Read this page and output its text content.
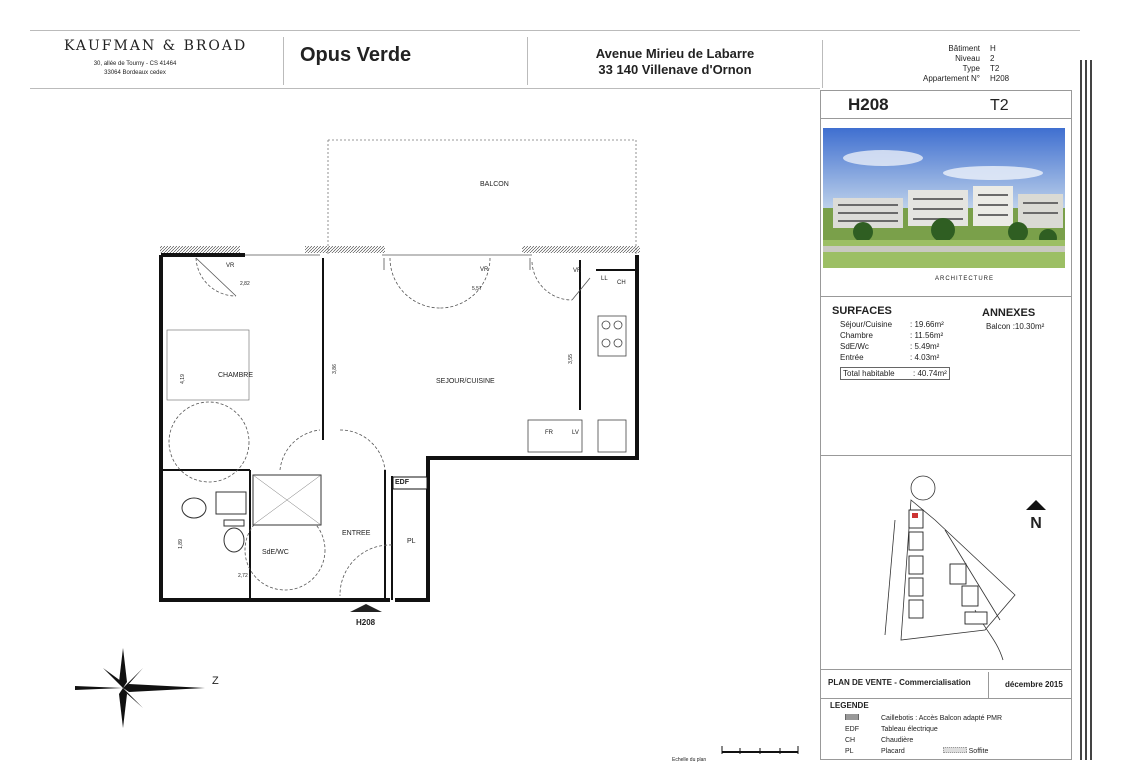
KAUFMAN & BROAD
30, allée de Tourny - CS 41464
33064 Bordeaux cedex
Opus Verde	Avenue Mirieu de Labarre
33 140 Villenave d'Ornon
Bâtiment H
Niveau 2
Type T2
Appartement N° H208
H208	T2
ARCHITECTURE
SURFACES
Séjour/Cuisine : 19.66m²
Chambre	: 11.56m²
SdE/Wc	: 5.49m²
Entrée	: 4.03m²
Total habitable : 40.74m²
ANNEXES
Balcon :10.30m²
N
PLAN DE VENTE - Commercialisation	décembre 2015
LEGENDE
Caillebotis : Accès Balcon adapté PMR
EDF	Tableau électrique
CH	Chaudière
PL	Placard	Soffite
BALCON
CHAMBRE
SEJOUR/CUISINE
ENTREE
SdE/WC
PL
EDF
LL
CH
FR	LV
VR
VR	VR
2,82
5,57
4,19
3,86
3,55
1,89
2,72
H208
Z
Echelle du plan
